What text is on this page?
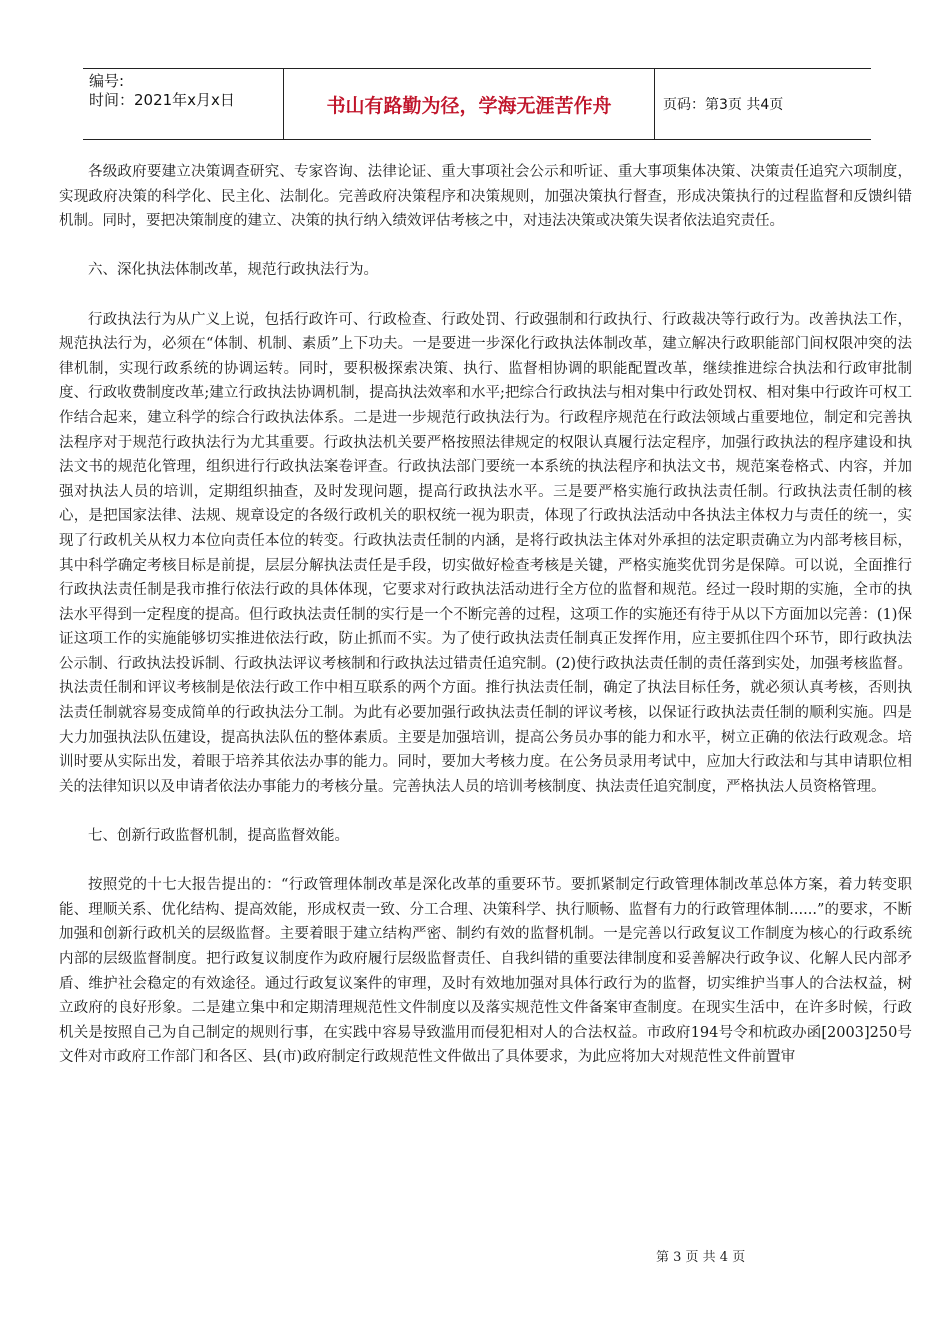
编号:
时间：2021年x月x日	书山有路勤为径，学海无涯苦作舟	页码：第3页 共4页

各级政府要建立决策调查研究、专家咨询、法律论证、重大事项社会公示和听证、重大事项集体决策、决策责任追究六项制度，实现政府决策的科学化、民主化、法制化。完善政府决策程序和决策规则，加强决策执行督查，形成决策执行的过程监督和反馈纠错机制。同时，要把决策制度的建立、决策的执行纳入绩效评估考核之中，对违法决策或决策失误者依法追究责任。

六、深化执法体制改革，规范行政执法行为。

行政执法行为从广义上说，包括行政许可、行政检查、行政处罚、行政强制和行政执行、行政裁决等行政行为。改善执法工作，规范执法行为，必须在“体制、机制、素质”上下功夫。一是要进一步深化行政执法体制改革，建立解决行政职能部门间权限冲突的法律机制，实现行政系统的协调运转。同时，要积极探索决策、执行、监督相协调的职能配置改革，继续推进综合执法和行政审批制度、行政收费制度改革;建立行政执法协调机制，提高执法效率和水平;把综合行政执法与相对集中行政处罚权、相对集中行政许可权工作结合起来，建立科学的综合行政执法体系。二是进一步规范行政执法行为。行政程序规范在行政法领域占重要地位，制定和完善执法程序对于规范行政执法行为尤其重要。行政执法机关要严格按照法律规定的权限认真履行法定程序，加强行政执法的程序建设和执法文书的规范化管理，组织进行行政执法案卷评查。行政执法部门要统一本系统的执法程序和执法文书，规范案卷格式、内容，并加强对执法人员的培训，定期组织抽查，及时发现问题，提高行政执法水平。三是要严格实施行政执法责任制。行政执法责任制的核心，是把国家法律、法规、规章设定的各级行政机关的职权统一视为职责，体现了行政执法活动中各执法主体权力与责任的统一，实现了行政机关从权力本位向责任本位的转变。行政执法责任制的内涵，是将行政执法主体对外承担的法定职责确立为内部考核目标，其中科学确定考核目标是前提，层层分解执法责任是手段，切实做好检查考核是关键，严格实施奖优罚劣是保障。可以说，全面推行行政执法责任制是我市推行依法行政的具体体现，它要求对行政执法活动进行全方位的监督和规范。经过一段时期的实施，全市的执法水平得到一定程度的提高。但行政执法责任制的实行是一个不断完善的过程，这项工作的实施还有待于从以下方面加以完善：(1)保证这项工作的实施能够切实推进依法行政，防止抓而不实。为了使行政执法责任制真正发挥作用，应主要抓住四个环节，即行政执法公示制、行政执法投诉制、行政执法评议考核制和行政执法过错责任追究制。(2)使行政执法责任制的责任落到实处，加强考核监督。执法责任制和评议考核制是依法行政工作中相互联系的两个方面。推行执法责任制，确定了执法目标任务，就必须认真考核，否则执法责任制就容易变成简单的行政执法分工制。为此有必要加强行政执法责任制的评议考核，以保证行政执法责任制的顺利实施。四是大力加强执法队伍建设，提高执法队伍的整体素质。主要是加强培训，提高公务员办事的能力和水平，树立正确的依法行政观念。培训时要从实际出发，着眼于培养其依法办事的能力。同时，要加大考核力度。在公务员录用考试中，应加大行政法和与其申请职位相关的法律知识以及申请者依法办事能力的考核分量。完善执法人员的培训考核制度、执法责任追究制度，严格执法人员资格管理。

七、创新行政监督机制，提高监督效能。

按照党的十七大报告提出的：“行政管理体制改革是深化改革的重要环节。要抓紧制定行政管理体制改革总体方案，着力转变职能、理顺关系、优化结构、提高效能，形成权责一致、分工合理、决策科学、执行顺畅、监督有力的行政管理体制......”的要求，不断加强和创新行政机关的层级监督。主要着眼于建立结构严密、制约有效的监督机制。一是完善以行政复议工作制度为核心的行政系统内部的层级监督制度。把行政复议制度作为政府履行层级监督责任、自我纠错的重要法律制度和妥善解决行政争议、化解人民内部矛盾、维护社会稳定的有效途径。通过行政复议案件的审理，及时有效地加强对具体行政行为的监督，切实维护当事人的合法权益，树立政府的良好形象。二是建立集中和定期清理规范性文件制度以及落实规范性文件备案审查制度。在现实生活中，在许多时候，行政机关是按照自己为自己制定的规则行事，在实践中容易导致滥用而侵犯相对人的合法权益。市政府194号令和杭政办函[2003]250号文件对市政府工作部门和各区、县(市)政府制定行政规范性文件做出了具体要求，为此应将加大对规范性文件前置审

第 3 页 共 4 页
